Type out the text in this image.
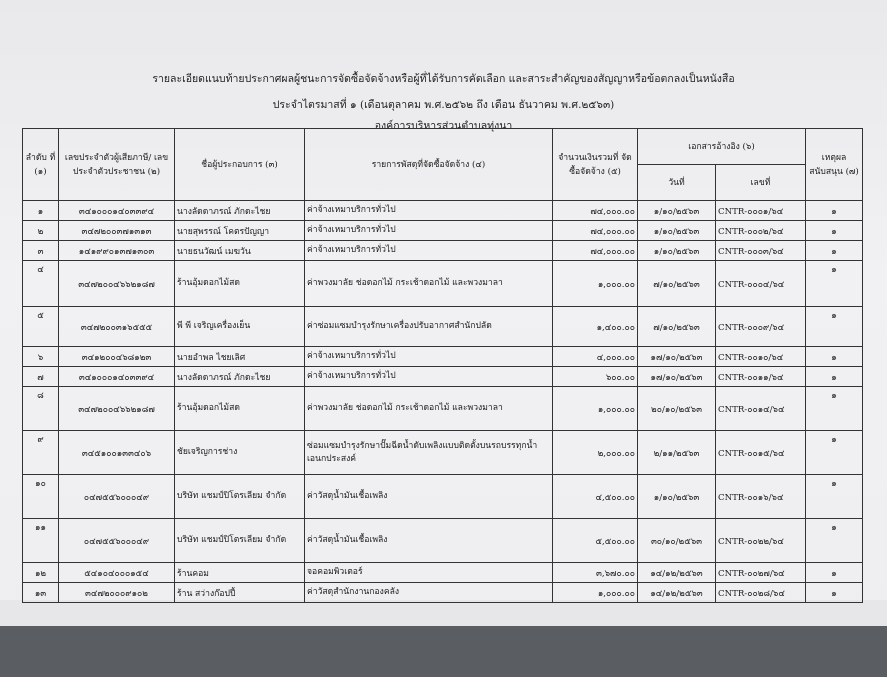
รายละเอียดแนบท้ายประกาศผลผู้ชนะการจัดซื้อจัดจ้างหรือผู้ที่ได้รับการคัดเลือก และสาระสำคัญของสัญญาหรือข้อตกลงเป็นหนังสือ
ประจำไตรมาสที่ ๑ (เดือนตุลาคม พ.ศ.๒๕๖๒ ถึง เดือน ธันวาคม พ.ศ.๒๕๖๓)
องค์การบริหารส่วนตำบลทุ่งนา
ลำดับ ที่ (๑)	เลขประจำตัวผู้เสียภาษี/ เลขประจำตัวประชาชน (๒)	ชื่อผู้ประกอบการ (๓)	รายการพัสดุที่จัดซื้อจัดจ้าง (๔)	จำนวนเงินรวมที่ จัดซื้อจัดจ้าง (๕)	เอกสารอ้างอิง (๖)		เหตุผลสนับสนุน (๗)
					วันที่	เลขที่	
๑	๓๔๑๐๐๐๑๔๐๓๓๙๔	นางลัดดาภรณ์ ภักดะไชย	ค่าจ้างเหมาบริการทั่วไป	๗๔,๐๐๐.๐๐	๑/๑๐/๒๕๖๓	CNTR-๐๐๐๑/๖๔	๑
๒	๓๔๗๒๐๐๓๗๑๓๑๓	นายสุพรรณ์ โคตรปัญญา	ค่าจ้างเหมาบริการทั่วไป	๗๔,๐๐๐.๐๐	๑/๑๐/๒๕๖๓	CNTR-๐๐๐๒/๖๔	๑
๓	๑๔๑๙๙๐๑๓๗๑๓๐๓	นายธนวัฒน์ เมฆวัน	ค่าจ้างเหมาบริการทั่วไป	๗๔,๐๐๐.๐๐	๑/๑๐/๒๕๖๓	CNTR-๐๐๐๓/๖๔	๑
๔	๓๔๗๒๐๐๔๖๖๒๑๘๗	ร้านอุ้มดอกไม้สด	ค่าพวงมาลัย ช่อดอกไม้ กระเช้าดอกไม้ และพวงมาลา	๑,๐๐๐.๐๐	๗/๑๐/๒๕๖๓	CNTR-๐๐๐๔/๖๔	๑
๕	๓๔๗๒๐๐๓๑๖๕๕๕	พี พี เจริญเครื่องเย็น	ค่าซ่อมแซมบำรุงรักษาเครื่องปรับอากาศสำนักปลัด	๑,๔๐๐.๐๐	๗/๑๐/๒๕๖๓	CNTR-๐๐๐๙/๖๔	๑
๖	๓๔๑๒๐๐๔๖๘๑๒๓	นายอำพล ไชยเลิศ	ค่าจ้างเหมาบริการทั่วไป	๔,๐๐๐.๐๐	๑๗/๑๐/๒๕๖๓	CNTR-๐๐๑๐/๖๔	๑
๗	๓๔๑๐๐๐๑๔๐๓๓๙๔	นางลัดดาภรณ์ ภักดะไชย	ค่าจ้างเหมาบริการทั่วไป	๖๐๐.๐๐	๑๗/๑๐/๒๕๖๓	CNTR-๐๐๑๑/๖๔	๑
๘	๓๔๗๒๐๐๔๖๖๒๑๘๗	ร้านอุ้มดอกไม้สด	ค่าพวงมาลัย ช่อดอกไม้ กระเช้าดอกไม้ และพวงมาลา	๑,๐๐๐.๐๐	๒๐/๑๐/๒๕๖๓	CNTR-๐๐๑๔/๖๔	๑
๙	๓๔๕๑๐๐๑๓๓๔๐๖	ชัยเจริญการช่าง	ซ่อมแซมบำรุงรักษาปั๊มฉีดน้ำดับเพลิงแบบติดตั้งบนรถบรรทุกน้ำเอนกประสงค์	๒,๐๐๐.๐๐	๒/๑๑/๒๕๖๓	CNTR-๐๐๑๕/๖๔	๑
๑๐	๐๔๗๕๕๖๐๐๐๔๙	บริษัท แชมป์ปิโตรเลียม จำกัด	ค่าวัสดุน้ำมันเชื้อเพลิง	๔,๕๐๐.๐๐	๑/๑๐/๒๕๖๓	CNTR-๐๐๑๖/๖๔	๑
๑๑	๐๔๗๕๕๖๐๐๐๔๙	บริษัท แชมป์ปิโตรเลียม จำกัด	ค่าวัสดุน้ำมันเชื้อเพลิง	๕,๕๐๐.๐๐	๓๐/๑๐/๒๕๖๓	CNTR-๐๐๒๒/๖๔	๑
๑๒	๕๔๑๐๔๐๐๐๑๕๔	ร้านคอม	จอคอมพิวเตอร์	๓,๖๗๐.๐๐	๑๔/๑๒/๒๕๖๓	CNTR-๐๐๒๗/๖๔	๑
๑๓	๓๔๗๒๐๐๐๙๑๐๒	ร้าน สว่างก๊อปปี้	ค่าวัสดุสำนักงานกองคลัง	๑,๐๐๐.๐๐	๑๔/๑๒/๒๕๖๓	CNTR-๐๐๒๘/๖๔	๑
